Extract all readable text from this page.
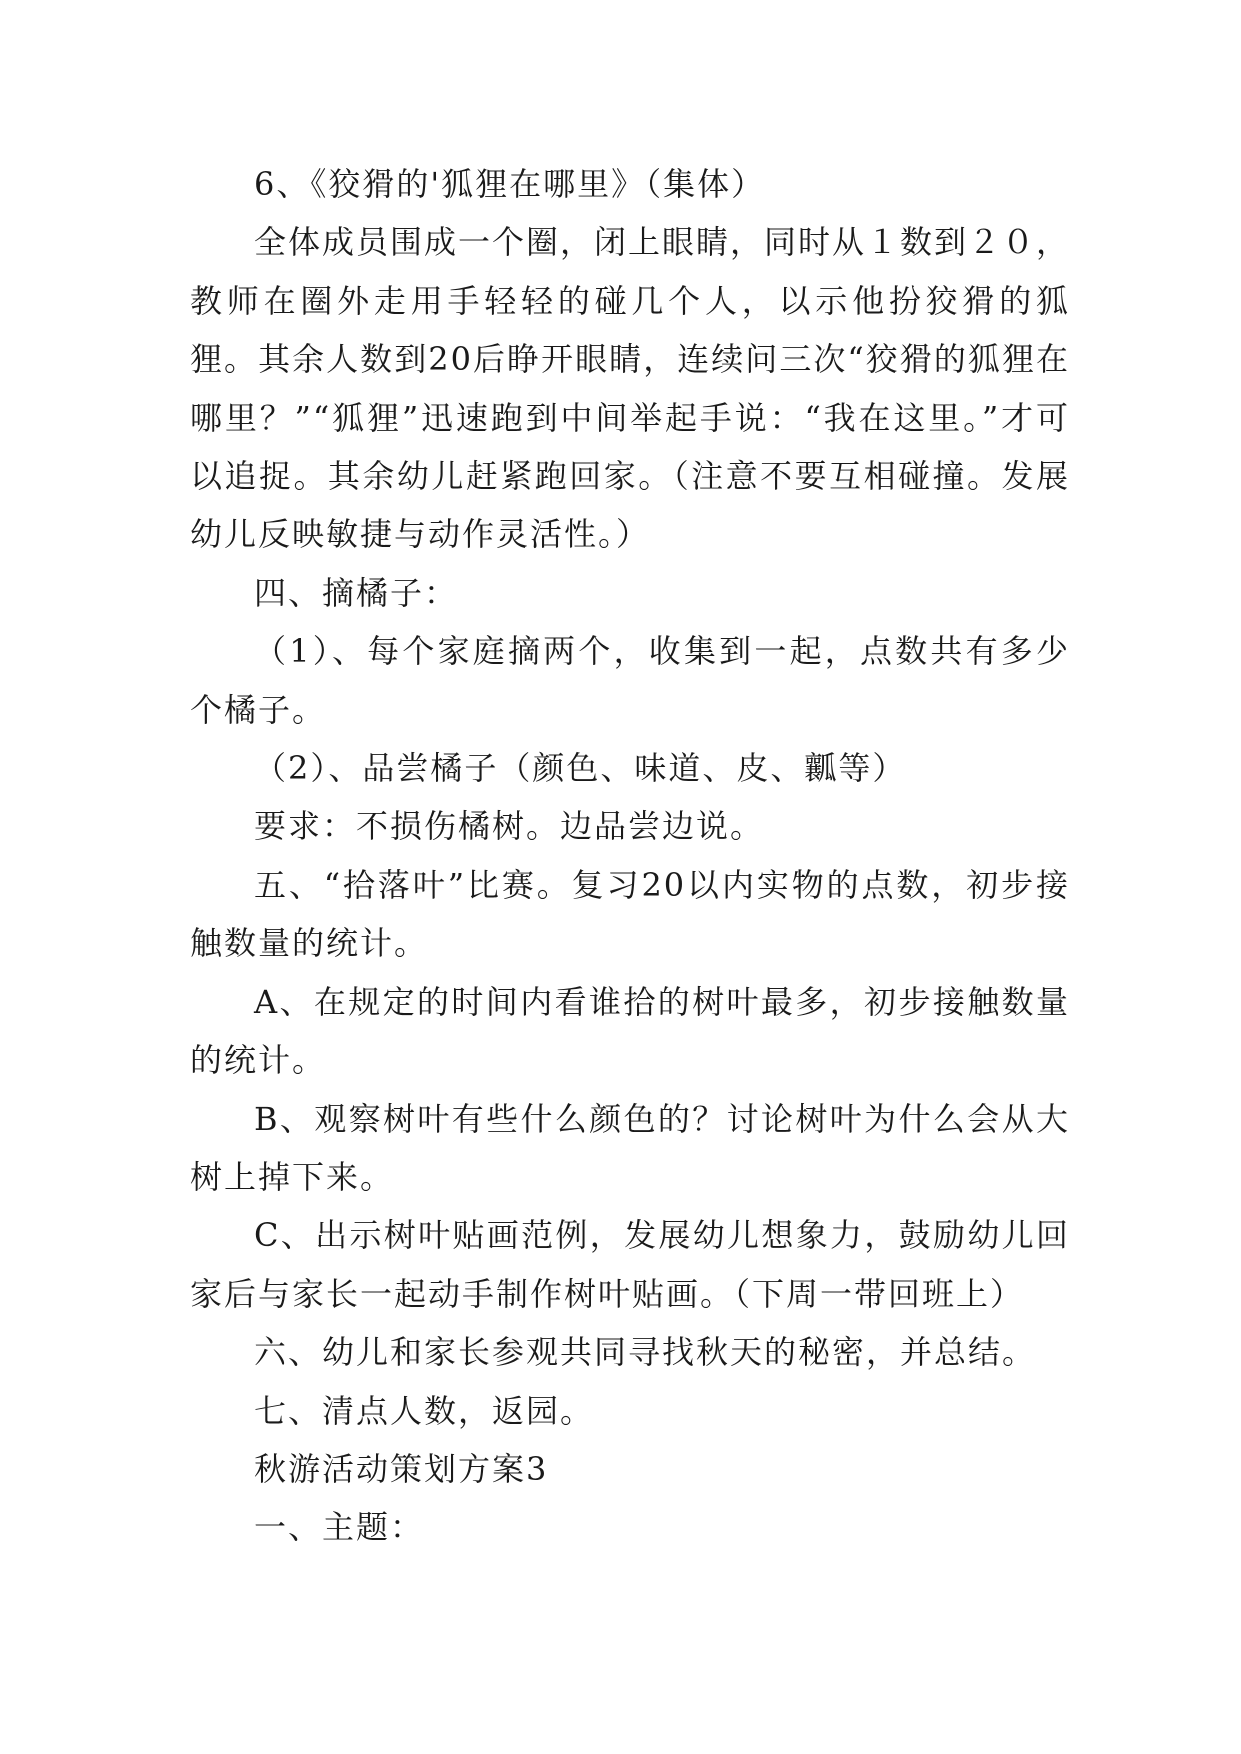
6、《狡猾的'狐狸在哪里》（集体）

全体成员围成一个圈，闭上眼睛，同时从１数到２０，教师在圈外走用手轻轻的碰几个人，以示他扮狡猾的狐狸。其余人数到20后睁开眼睛，连续问三次“狡猾的狐狸在哪里？”“狐狸”迅速跑到中间举起手说：“我在这里。”才可以追捉。其余幼儿赶紧跑回家。（注意不要互相碰撞。发展幼儿反映敏捷与动作灵活性。）

四、摘橘子：

（1）、每个家庭摘两个，收集到一起，点数共有多少个橘子。

（2）、品尝橘子（颜色、味道、皮、瓤等）

要求：不损伤橘树。边品尝边说。

五、“拾落叶”比赛。复习20以内实物的点数，初步接触数量的统计。

A、在规定的时间内看谁拾的树叶最多，初步接触数量的统计。

B、观察树叶有些什么颜色的？讨论树叶为什么会从大树上掉下来。

C、出示树叶贴画范例，发展幼儿想象力，鼓励幼儿回家后与家长一起动手制作树叶贴画。（下周一带回班上）

六、幼儿和家长参观共同寻找秋天的秘密，并总结。

七、清点人数，返园。

秋游活动策划方案3

一、主题：
